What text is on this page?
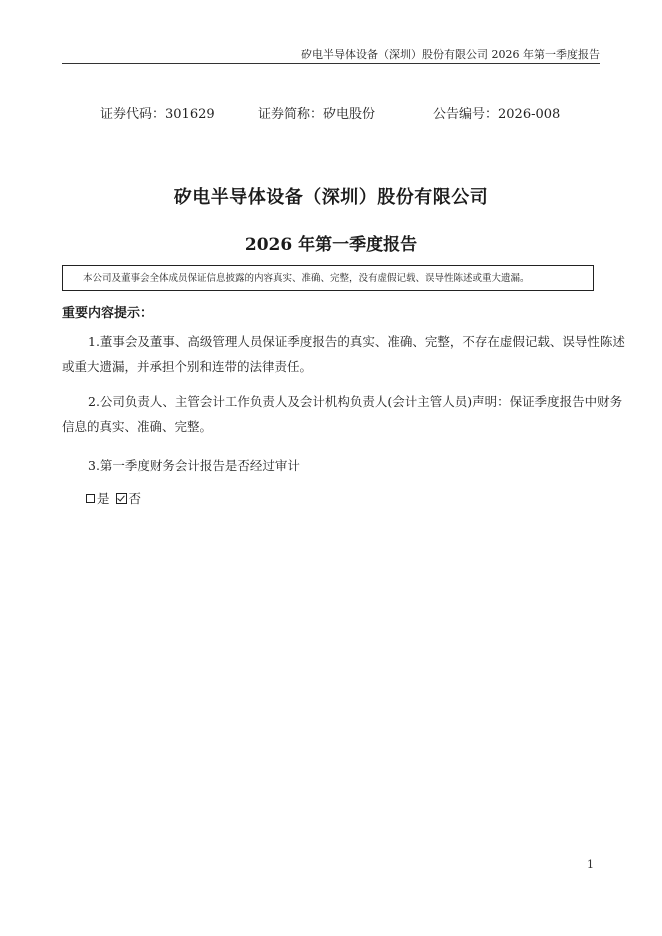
矽电半导体设备（深圳）股份有限公司 2026 年第一季度报告
证券代码：301629	证券简称：矽电股份	公告编号：2026-008
矽电半导体设备（深圳）股份有限公司
2026 年第一季度报告
本公司及董事会全体成员保证信息披露的内容真实、准确、完整，没有虚假记载、误导性陈述或重大遗漏。
重要内容提示：
1.董事会及董事、高级管理人员保证季度报告的真实、准确、完整，不存在虚假记载、误导性陈述
或重大遗漏，并承担个别和连带的法律责任。
2.公司负责人、主管会计工作负责人及会计机构负责人(会计主管人员)声明：保证季度报告中财务
信息的真实、准确、完整。
3.第一季度财务会计报告是否经过审计
是 否
1
